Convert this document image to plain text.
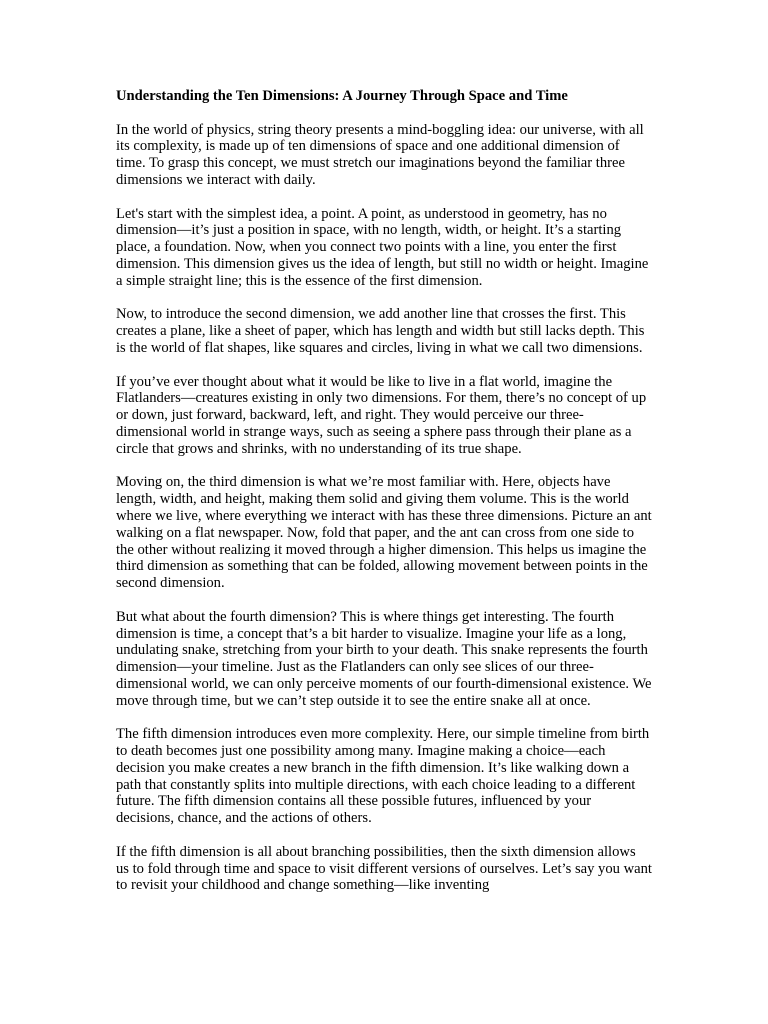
Understanding the Ten Dimensions: A Journey Through Space and Time

In the world of physics, string theory presents a mind-boggling idea: our universe, with all its complexity, is made up of ten dimensions of space and one additional dimension of time. To grasp this concept, we must stretch our imaginations beyond the familiar three dimensions we interact with daily.

Let's start with the simplest idea, a point. A point, as understood in geometry, has no dimension—it’s just a position in space, with no length, width, or height. It’s a starting place, a foundation. Now, when you connect two points with a line, you enter the first dimension. This dimension gives us the idea of length, but still no width or height. Imagine a simple straight line; this is the essence of the first dimension.

Now, to introduce the second dimension, we add another line that crosses the first. This creates a plane, like a sheet of paper, which has length and width but still lacks depth. This is the world of flat shapes, like squares and circles, living in what we call two dimensions.

If you’ve ever thought about what it would be like to live in a flat world, imagine the Flatlanders—creatures existing in only two dimensions. For them, there’s no concept of up or down, just forward, backward, left, and right. They would perceive our three-dimensional world in strange ways, such as seeing a sphere pass through their plane as a circle that grows and shrinks, with no understanding of its true shape.

Moving on, the third dimension is what we’re most familiar with. Here, objects have length, width, and height, making them solid and giving them volume. This is the world where we live, where everything we interact with has these three dimensions. Picture an ant walking on a flat newspaper. Now, fold that paper, and the ant can cross from one side to the other without realizing it moved through a higher dimension. This helps us imagine the third dimension as something that can be folded, allowing movement between points in the second dimension.

But what about the fourth dimension? This is where things get interesting. The fourth dimension is time, a concept that’s a bit harder to visualize. Imagine your life as a long, undulating snake, stretching from your birth to your death. This snake represents the fourth dimension—your timeline. Just as the Flatlanders can only see slices of our three-dimensional world, we can only perceive moments of our fourth-dimensional existence. We move through time, but we can’t step outside it to see the entire snake all at once.

The fifth dimension introduces even more complexity. Here, our simple timeline from birth to death becomes just one possibility among many. Imagine making a choice—each decision you make creates a new branch in the fifth dimension. It’s like walking down a path that constantly splits into multiple directions, with each choice leading to a different future. The fifth dimension contains all these possible futures, influenced by your decisions, chance, and the actions of others.

If the fifth dimension is all about branching possibilities, then the sixth dimension allows us to fold through time and space to visit different versions of ourselves. Let’s say you want to revisit your childhood and change something—like inventing
